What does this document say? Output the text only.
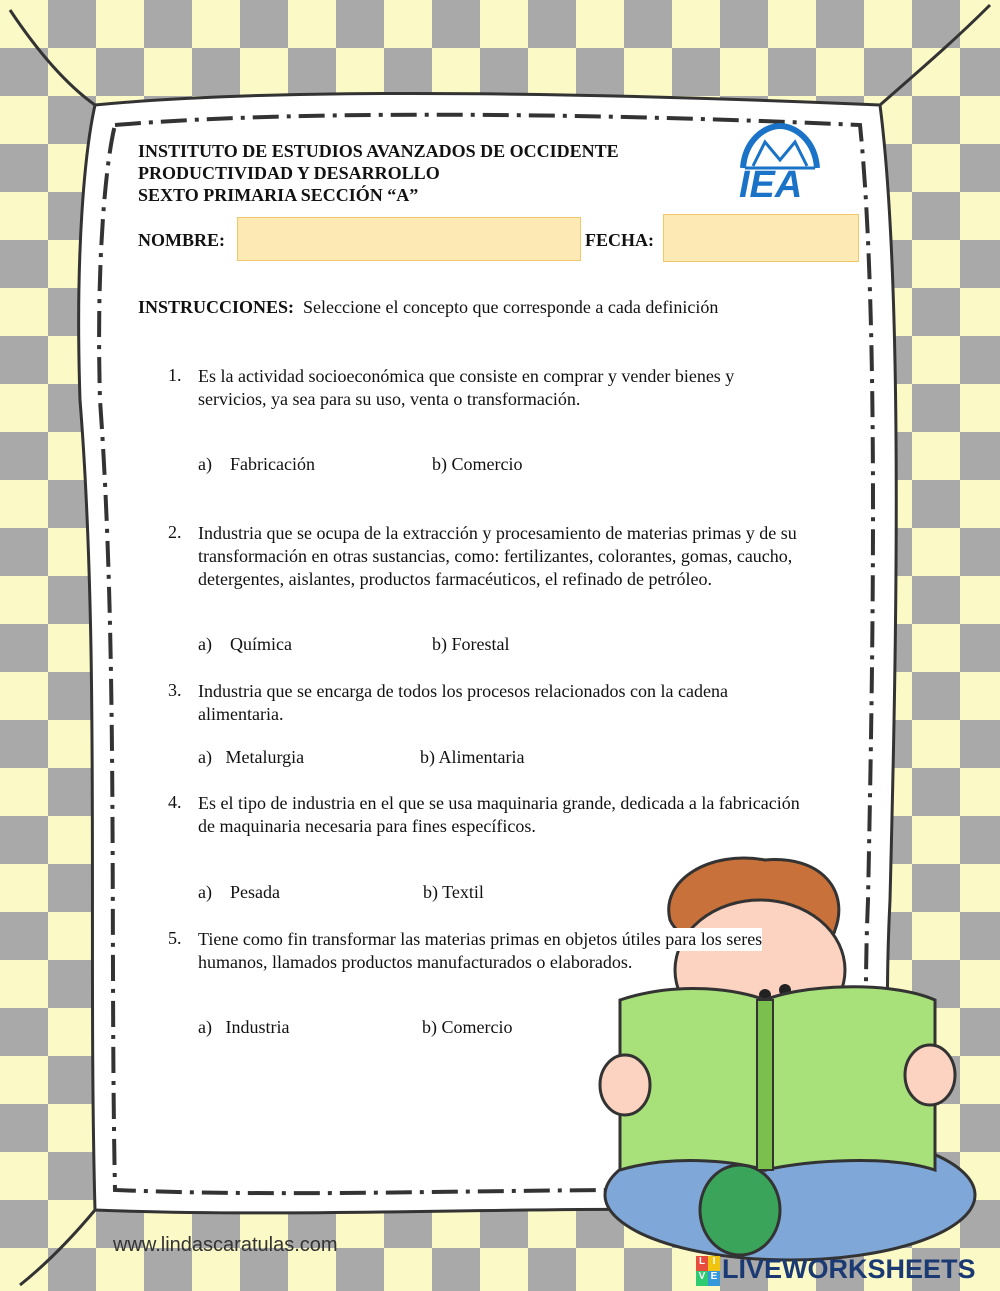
INSTITUTO DE ESTUDIOS AVANZADOS DE OCCIDENTE
PRODUCTIVIDAD Y DESARROLLO
SEXTO PRIMARIA SECCIÓN “A”	IEA
NOMBRE:	FECHA:
INSTRUCCIONES: Seleccione el concepto que corresponde a cada definición
1. Es la actividad socioeconómica que consiste en comprar y vender bienes y
servicios, ya sea para su uso, venta o transformación.
a)    Fabricación	b) Comercio
2. Industria que se ocupa de la extracción y procesamiento de materias primas y de su
transformación en otras sustancias, como: fertilizantes, colorantes, gomas, caucho,
detergentes, aislantes, productos farmacéuticos, el refinado de petróleo.
a)    Química	b) Forestal
3. Industria que se encarga de todos los procesos relacionados con la cadena
alimentaria.
a)   Metalurgia	b) Alimentaria
4. Es el tipo de industria en el que se usa maquinaria grande, dedicada a la fabricación
de maquinaria necesaria para fines específicos.
a)    Pesada	b) Textil
5. Tiene como fin transformar las materias primas en objetos útiles para los seres
humanos, llamados productos manufacturados o elaborados.
a)   Industria	b) Comercio
www.lindascaratulas.com
L I
V E LIVEWORKSHEETS
